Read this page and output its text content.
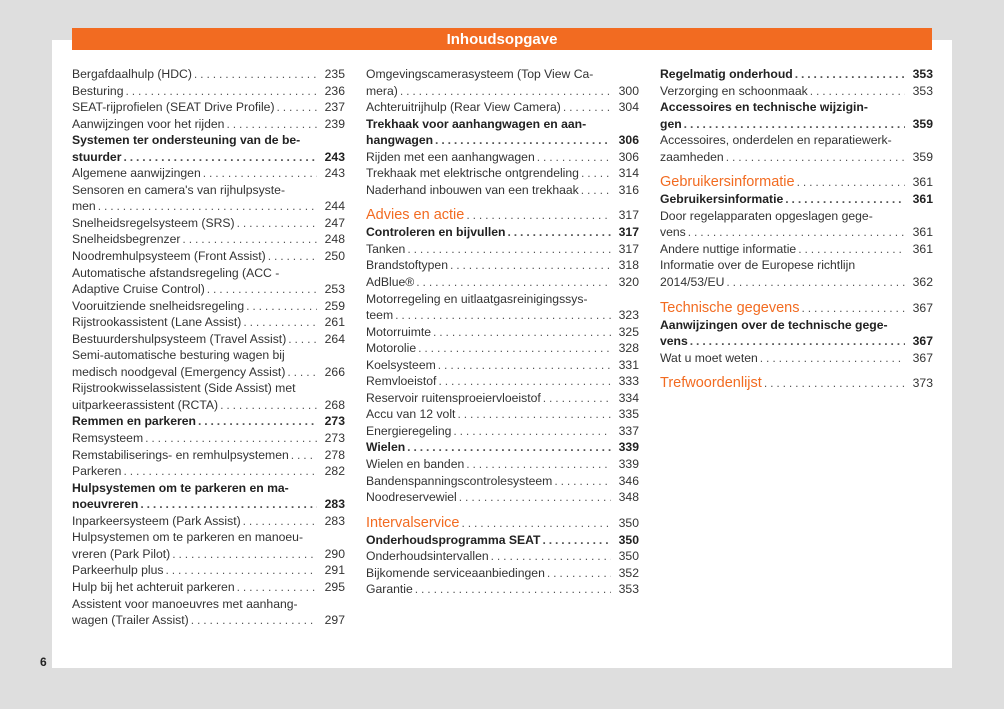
Inhoudsopgave
Bergafdaalhulp (HDC) . . .	235
Besturing . . .	236
SEAT-rijprofielen (SEAT Drive Profile) . . .	237
Aanwijzingen voor het rijden . . .	239
Systemen ter ondersteuning van de be-
stuurder . . .	243
Algemene aanwijzingen . . .	243
Sensoren en camera's van rijhulpsyste-
men . . .	244
Snelheidsregelsysteem (SRS) . . .	247
Snelheidsbegrenzer . . .	248
Noodremhulpsysteem (Front Assist) . . .	250
Automatische afstandsregeling (ACC -
Adaptive Cruise Control) . . .	253
Vooruitziende snelheidsregeling . . .	259
Rijstrookassistent (Lane Assist) . . .	261
Bestuurdershulpsysteem (Travel Assist) . . .	264
Semi-automatische besturing wagen bij
medisch noodgeval (Emergency Assist) . . .	266
Rijstrookwisselassistent (Side Assist) met
uitparkeerassistent (RCTA) . . .	268
Remmen en parkeren . . .	273
Remsysteem . . .	273
Remstabiliserings- en remhulpsystemen . . .	278
Parkeren . . .	282
Hulpsystemen om te parkeren en ma-
noeuvreren . . .	283
Inparkeersysteem (Park Assist) . . .	283
Hulpsystemen om te parkeren en manoeu-
vreren (Park Pilot) . . .	290
Parkeerhulp plus . . .	291
Hulp bij het achteruit parkeren . . .	295
Assistent voor manoeuvres met aanhang-
wagen (Trailer Assist) . . .	297
Omgevingscamerasysteem (Top View Ca-
mera) . . .	300
Achteruitrijhulp (Rear View Camera) . . .	304
Trekhaak voor aanhangwagen en aan-
hangwagen . . .	306
Rijden met een aanhangwagen . . .	306
Trekhaak met elektrische ontgrendeling . . .	314
Naderhand inbouwen van een trekhaak . . .	316
Advies en actie . . .	317
Controleren en bijvullen . . .	317
Tanken . . .	317
Brandstoftypen . . .	318
AdBlue® . . .	320
Motorregeling en uitlaatgasreinigingssys-
teem . . .	323
Motorruimte . . .	325
Motorolie . . .	328
Koelsysteem . . .	331
Remvloeistof . . .	333
Reservoir ruitensproeiervloeistof . . .	334
Accu van 12 volt . . .	335
Energieregeling . . .	337
Wielen . . .	339
Wielen en banden . . .	339
Bandenspanningscontrolesysteem . . .	346
Noodreservewiel . . .	348
Intervalservice . . .	350
Onderhoudsprogramma SEAT . . .	350
Onderhoudsintervallen . . .	350
Bijkomende serviceaanbiedingen . . .	352
Garantie . . .	353
Regelmatig onderhoud . . .	353
Verzorging en schoonmaak . . .	353
Accessoires en technische wijzigin-
gen . . .	359
Accessoires, onderdelen en reparatiewerk-
zaamheden . . .	359
Gebruikersinformatie . . .	361
Gebruikersinformatie . . .	361
Door regelapparaten opgeslagen gege-
vens . . .	361
Andere nuttige informatie . . .	361
Informatie over de Europese richtlijn
2014/53/EU . . .	362
Technische gegevens . . .	367
Aanwijzingen over de technische gege-
vens . . .	367
Wat u moet weten . . .	367
Trefwoordenlijst . . .	373
6
